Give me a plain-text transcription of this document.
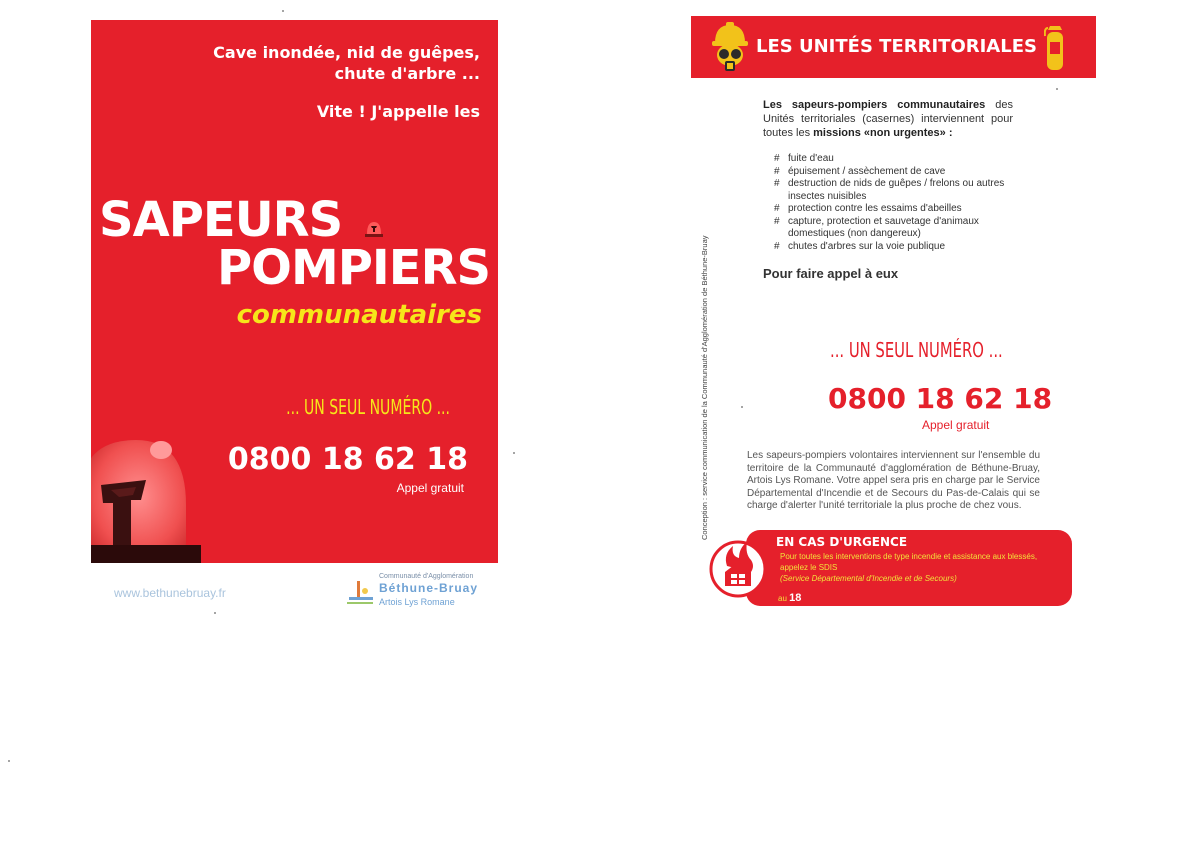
Cave inondée, nid de guêpes,
chute d'arbre ...
Vite ! J'appelle les
SAPEURS
POMPIERS
communautaires
... UN SEUL NUMÉRO ...
0800 18 62 18
Appel gratuit
www.bethunebruay.fr
Communauté d'Agglomération
Béthune-Bruay
Artois Lys Romane
LES UNITÉS TERRITORIALES

Les sapeurs-pompiers communautaires des Unités territoriales (casernes) interviennent pour toutes les missions «non urgentes» :

# fuite d'eau
# épuisement / assèchement de cave
# destruction de nids de guêpes / frelons ou autres insectes nuisibles
# protection contre les essaims d'abeilles
# capture, protection et sauvetage d'animaux domestiques (non dangereux)
# chutes d'arbres sur la voie publique
Pour faire appel à eux
... UN SEUL NUMÉRO ...
0800 18 62 18
Appel gratuit

Les sapeurs-pompiers volontaires interviennent sur l'ensemble du territoire de la Communauté d'agglomération de Béthune-Bruay, Artois Lys Romane. Votre appel sera pris en charge par le Service Départemental d'Incendie et de Secours du Pas-de-Calais qui se charge d'alerter l'unité territoriale la plus proche de chez vous.

Conception : service communication de la Communauté d'Agglomération de Béthune-Bruay
EN CAS D'URGENCE
Pour toutes les interventions de type incendie et assistance aux blessés, appelez le SDIS
(Service Départemental d'Incendie et de Secours)
au 18
